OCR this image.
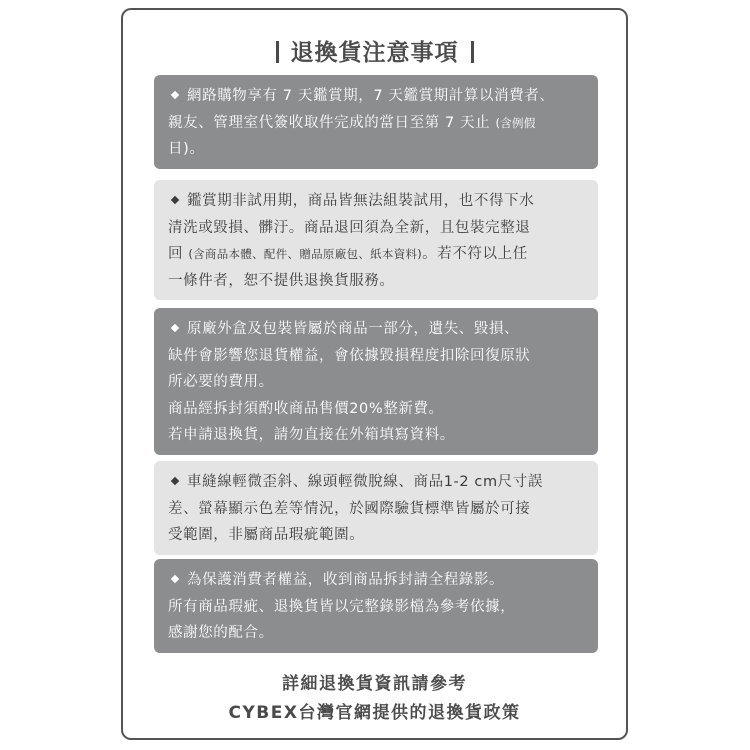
退換貨注意事項
網路購物享有 7 天鑑賞期，7 天鑑賞期計算以消費者、
親友、管理室代簽收取件完成的當日至第 7 天止 (含例假
日)。
鑑賞期非試用期，商品皆無法組裝試用，也不得下水
清洗或毀損、髒汙。商品退回須為全新，且包裝完整退
回 (含商品本體、配件、贈品原廠包、紙本資料)。若不符以上任
一條件者，恕不提供退換貨服務。
原廠外盒及包裝皆屬於商品一部分，遺失、毀損、
缺件會影響您退貨權益，會依據毀損程度扣除回復原狀
所必要的費用。
商品經拆封須酌收商品售價20%整新費。
若申請退換貨，請勿直接在外箱填寫資料。
車縫線輕微歪斜、線頭輕微脫線、商品1-2 cm尺寸誤
差、螢幕顯示色差等情況，於國際驗貨標準皆屬於可接
受範圍，非屬商品瑕疵範圍。
為保護消費者權益，收到商品拆封請全程錄影。
所有商品瑕疵、退換貨皆以完整錄影檔為參考依據，
感謝您的配合。
詳細退換貨資訊請參考
CYBEX台灣官網提供的退換貨政策
